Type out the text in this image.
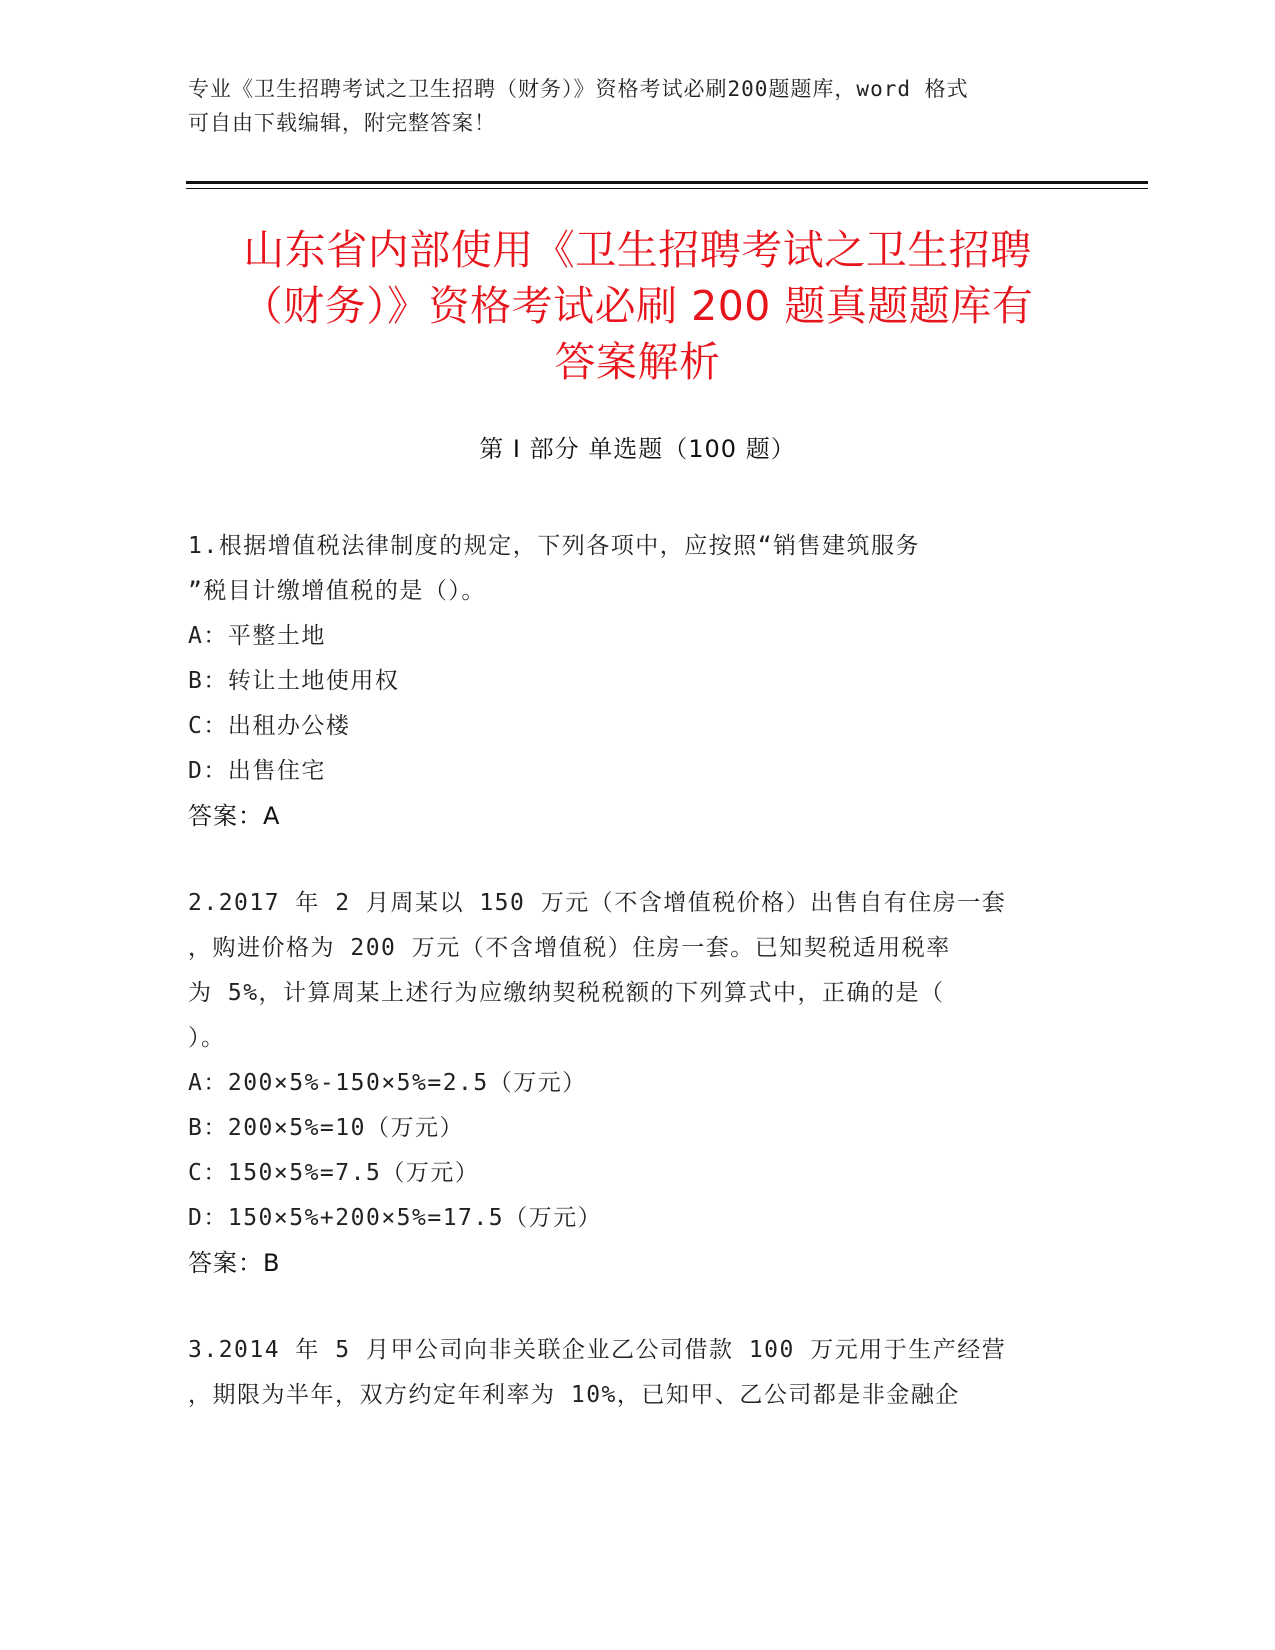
专业《卫生招聘考试之卫生招聘（财务）》资格考试必刷200题题库，word 格式
可自由下载编辑，附完整答案！
山东省内部使用《卫生招聘考试之卫生招聘
（财务）》资格考试必刷 200 题真题题库有
答案解析
第 I 部分 单选题（100 题）
1.根据增值税法律制度的规定，下列各项中，应按照“销售建筑服务
”税目计缴增值税的是（）。
A：平整土地
B：转让土地使用权
C：出租办公楼
D：出售住宅
答案：A
2.2017 年 2 月周某以 150 万元（不含增值税价格）出售自有住房一套
，购进价格为 200 万元（不含增值税）住房一套。已知契税适用税率
为 5%，计算周某上述行为应缴纳契税税额的下列算式中，正确的是（
）。
A：200×5%-150×5%=2.5（万元）
B：200×5%=10（万元）
C：150×5%=7.5（万元）
D：150×5%+200×5%=17.5（万元）
答案：B
3.2014 年 5 月甲公司向非关联企业乙公司借款 100 万元用于生产经营
，期限为半年，双方约定年利率为 10%，已知甲、乙公司都是非金融企
